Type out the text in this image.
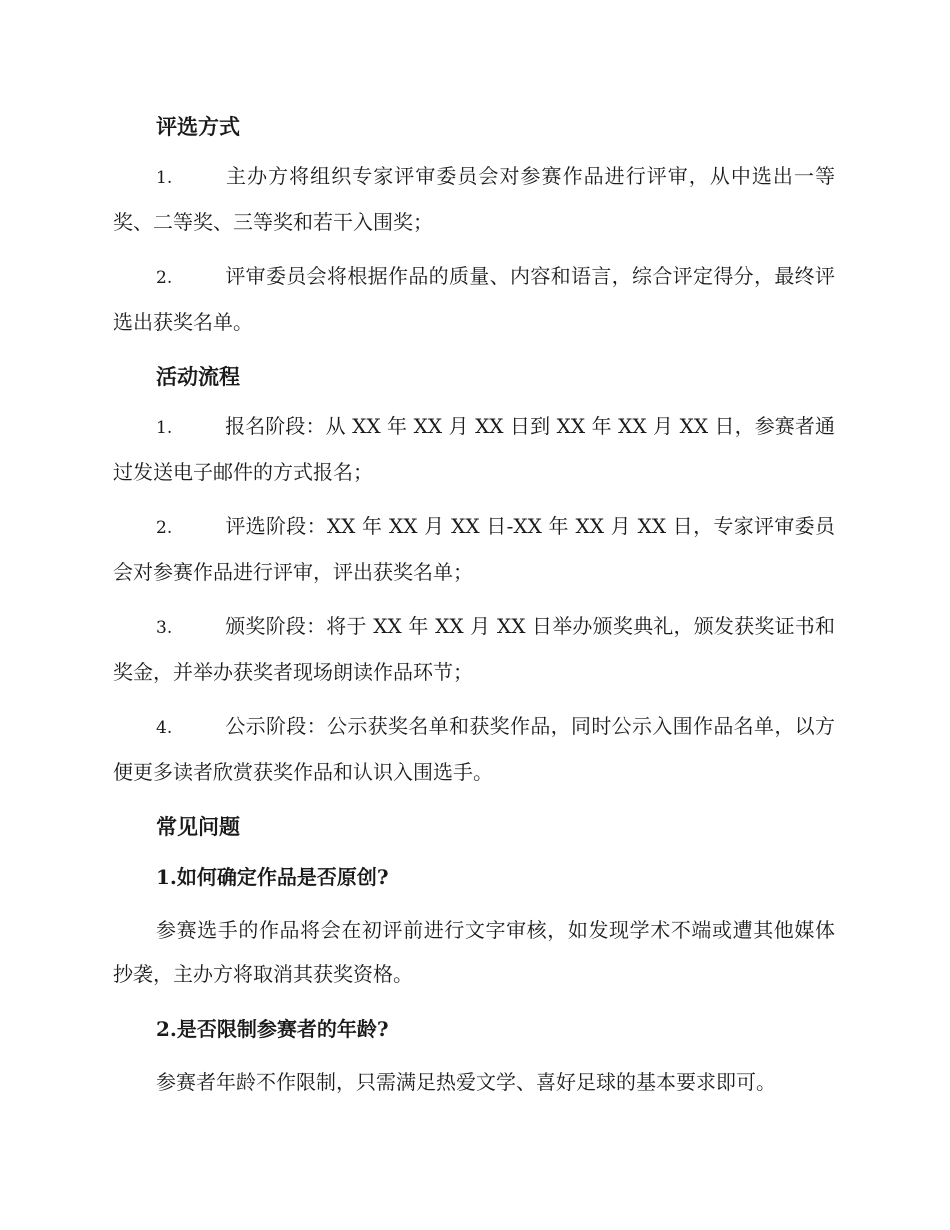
评选方式
1.	主办方将组织专家评审委员会对参赛作品进行评审，从中选出一等奖、二等奖、三等奖和若干入围奖；
2.	评审委员会将根据作品的质量、内容和语言，综合评定得分，最终评选出获奖名单。
活动流程
1.	报名阶段：从 XX 年 XX 月 XX 日到 XX 年 XX 月 XX 日，参赛者通过发送电子邮件的方式报名；
2.	评选阶段：XX 年 XX 月 XX 日-XX 年 XX 月 XX 日，专家评审委员会对参赛作品进行评审，评出获奖名单；
3.	颁奖阶段：将于 XX 年 XX 月 XX 日举办颁奖典礼，颁发获奖证书和奖金，并举办获奖者现场朗读作品环节；
4.	公示阶段：公示获奖名单和获奖作品，同时公示入围作品名单，以方便更多读者欣赏获奖作品和认识入围选手。
常见问题
1.如何确定作品是否原创?
参赛选手的作品将会在初评前进行文字审核，如发现学术不端或遭其他媒体抄袭，主办方将取消其获奖资格。
2.是否限制参赛者的年龄?
参赛者年龄不作限制，只需满足热爱文学、喜好足球的基本要求即可。
